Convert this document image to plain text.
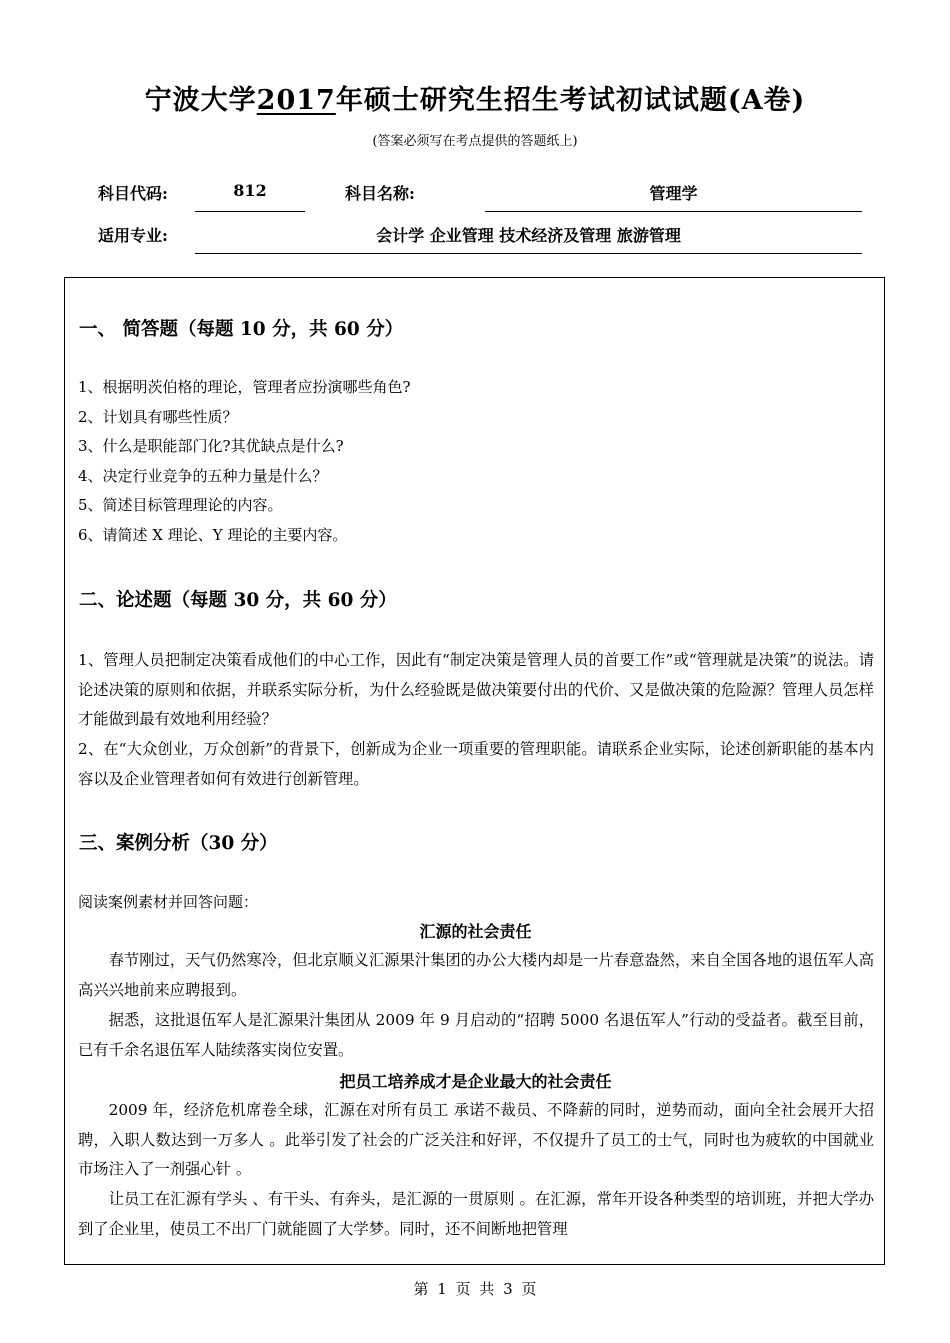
宁波大学2017年硕士研究生招生考试初试试题(A卷)
(答案必须写在考点提供的答题纸上)
科目代码:	812	科目名称:	管理学
适用专业:	会计学 企业管理 技术经济及管理 旅游管理
一、 简答题（每题 10 分，共 60 分）
1、根据明茨伯格的理论，管理者应扮演哪些角色?
2、计划具有哪些性质？
3、什么是职能部门化?其优缺点是什么?
4、决定行业竞争的五种力量是什么？
5、简述目标管理理论的内容。
6、请简述 X 理论、Y 理论的主要内容。
二、论述题（每题 30 分，共 60 分）
1、管理人员把制定决策看成他们的中心工作，因此有“制定决策是管理人员的首要工作”或“管理就是决策”的说法。请论述决策的原则和依据，并联系实际分析，为什么经验既是做决策要付出的代价、又是做决策的危险源？管理人员怎样才能做到最有效地利用经验？
2、在“大众创业，万众创新”的背景下，创新成为企业一项重要的管理职能。请联系企业实际，论述创新职能的基本内容以及企业管理者如何有效进行创新管理。
三、案例分析（30 分）
阅读案例素材并回答问题：
汇源的社会责任
春节刚过，天气仍然寒冷，但北京顺义汇源果汁集团的办公大楼内却是一片春意盎然，来自全国各地的退伍军人高高兴兴地前来应聘报到。
据悉，这批退伍军人是汇源果汁集团从 2009 年 9 月启动的“招聘 5000 名退伍军人”行动的受益者。截至目前，已有千余名退伍军人陆续落实岗位安置。
把员工培养成才是企业最大的社会责任
2009 年，经济危机席卷全球，汇源在对所有员工 承诺不裁员、不降薪的同时，逆势而动，面向全社会展开大招聘，入职人数达到一万多人 。此举引发了社会的广泛关注和好评，不仅提升了员工的士气，同时也为疲软的中国就业市场注入了一剂强心针 。
让员工在汇源有学头 、有干头、有奔头，是汇源的一贯原则 。在汇源，常年开设各种类型的培训班，并把大学办到了企业里，使员工不出厂门就能圆了大学梦。同时，还不间断地把管理
第 1 页 共 3 页
